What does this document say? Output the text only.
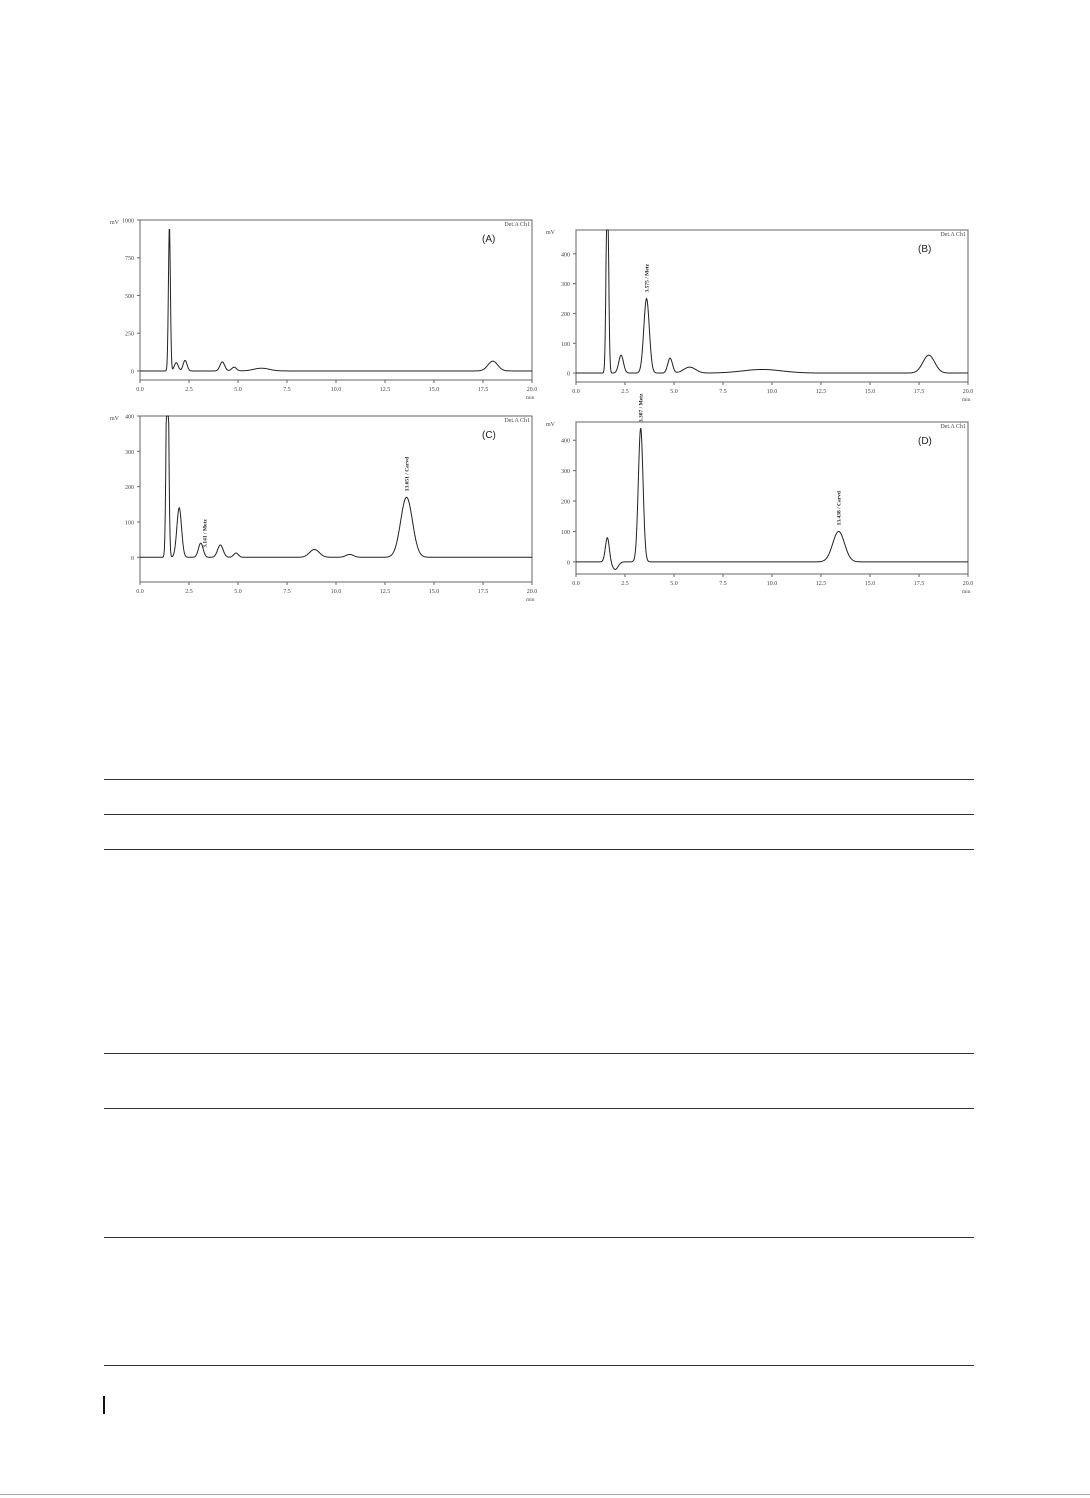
0
250
500
750
1000
0.0	2.5	5.0	7.5	10.0	12.5	15.0	17.5	20.0
mV
min
Det.A Ch1
(A)
0
100
200
300
400
0.0	2.5	5.0	7.5	10.0	12.5	15.0	17.5	20.0
mV
min
Det.A Ch1
(B)
3.575 / Metz
0
100
200
300
400
0.0	2.5	5.0	7.5	10.0	12.5	15.0	17.5	20.0
mV
min
Det.A Ch1
(C)
3.141 / Metz
13.651 / Carvd
0
100
200
300
400
0.0	2.5	5.0	7.5	10.0	12.5	15.0	17.5	20.0
mV
min
Det.A Ch1
(D)
3.307 / Metz
13.438 / Carvd
